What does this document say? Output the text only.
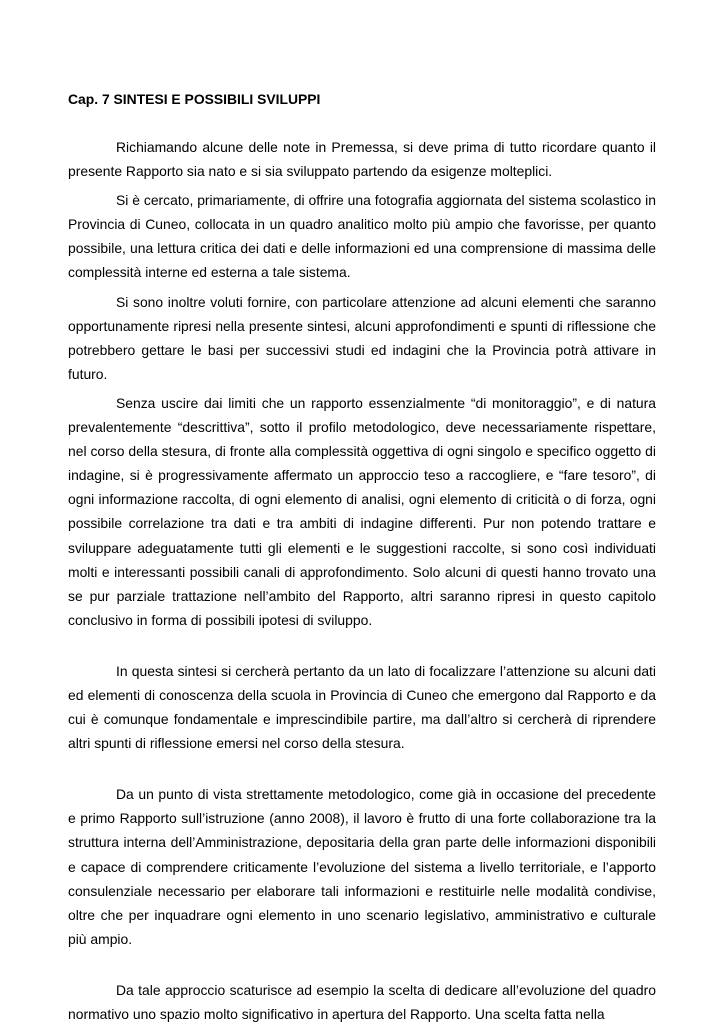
Cap. 7 SINTESI E POSSIBILI SVILUPPI

Richiamando alcune delle note in Premessa, si deve prima di tutto ricordare quanto il presente Rapporto sia nato e si sia sviluppato partendo da esigenze molteplici.

Si è cercato, primariamente, di offrire una fotografia aggiornata del sistema scolastico in Provincia di Cuneo, collocata in un quadro analitico molto più ampio che favorisse, per quanto possibile, una lettura critica dei dati e delle informazioni ed una comprensione di massima delle complessità interne ed esterna a tale sistema.

Si sono inoltre voluti fornire, con particolare attenzione ad alcuni elementi che saranno opportunamente ripresi nella presente sintesi, alcuni approfondimenti e spunti di riflessione che potrebbero gettare le basi per successivi studi ed indagini che la Provincia potrà attivare in futuro.

Senza uscire dai limiti che un rapporto essenzialmente “di monitoraggio”, e di natura prevalentemente “descrittiva”, sotto il profilo metodologico, deve necessariamente rispettare, nel corso della stesura, di fronte alla complessità oggettiva di ogni singolo e specifico oggetto di indagine, si è progressivamente affermato un approccio teso a raccogliere, e “fare tesoro”, di ogni informazione raccolta, di ogni elemento di analisi, ogni elemento di criticità o di forza, ogni possibile correlazione tra dati e tra ambiti di indagine differenti. Pur non potendo trattare e sviluppare adeguatamente tutti gli elementi e le suggestioni raccolte, si sono così individuati molti e interessanti possibili canali di approfondimento. Solo alcuni di questi hanno trovato una se pur parziale trattazione nell’ambito del Rapporto, altri saranno ripresi in questo capitolo conclusivo in forma di possibili ipotesi di sviluppo.

In questa sintesi si cercherà pertanto da un lato di focalizzare l’attenzione su alcuni dati ed elementi di conoscenza della scuola in Provincia di Cuneo che emergono dal Rapporto e da cui è comunque fondamentale e imprescindibile partire, ma dall’altro si cercherà di riprendere altri spunti di riflessione emersi nel corso della stesura.

Da un punto di vista strettamente metodologico, come già in occasione del precedente e primo Rapporto sull’istruzione (anno 2008), il lavoro è frutto di una forte collaborazione tra la struttura interna dell’Amministrazione, depositaria della gran parte delle informazioni disponibili e capace di comprendere criticamente l’evoluzione del sistema a livello territoriale, e l’apporto consulenziale necessario per elaborare tali informazioni e restituirle nelle modalità condivise, oltre che per inquadrare ogni elemento in uno scenario legislativo, amministrativo e culturale più ampio.

Da tale approccio scaturisce ad esempio la scelta di dedicare all’evoluzione del quadro normativo uno spazio molto significativo in apertura del Rapporto. Una scelta fatta nella
